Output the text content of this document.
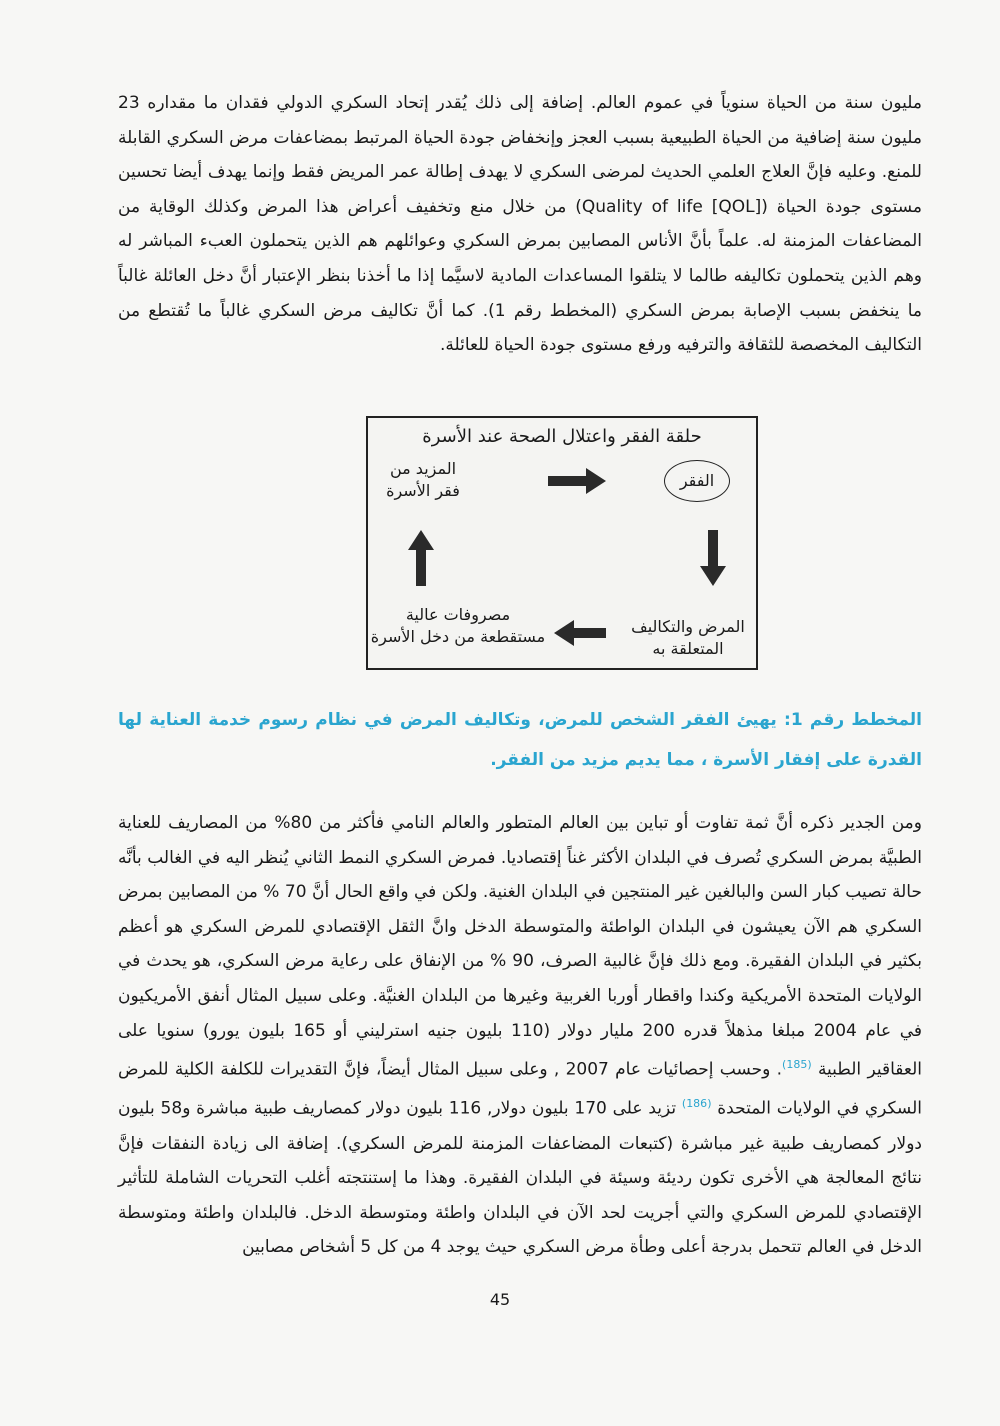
مليون سنة من الحياة سنوياً في عموم العالم. إضافة إلى ذلك يُقدر إتحاد السكري الدولي فقدان ما مقداره 23 مليون سنة إضافية من الحياة الطبيعية بسبب العجز وإنخفاض جودة الحياة المرتبط بمضاعفات مرض السكري القابلة للمنع. وعليه فإنَّ العلاج العلمي الحديث لمرضى السكري لا يهدف إطالة عمر المريض فقط وإنما يهدف أيضا تحسين مستوى جودة الحياة (Quality of life [QOL]) من خلال منع وتخفيف أعراض هذا المرض وكذلك الوقاية من المضاعفات المزمنة له. علماً بأنَّ الأناس المصابين بمرض السكري وعوائلهم هم الذين يتحملون العبء المباشر له وهم الذين يتحملون تكاليفه طالما لا يتلقوا المساعدات المادية لاسيَّما إذا ما أخذنا بنظر الإعتبار أنَّ دخل العائلة غالباً ما ينخفض بسبب الإصابة بمرض السكري (المخطط رقم 1). كما أنَّ تكاليف مرض السكري غالباً ما تُقتطع من التكاليف المخصصة للثقافة والترفيه ورفع مستوى جودة الحياة للعائلة.

حلقة الفقر واعتلال الصحة عند الأسرة
الفقر
المزيد من
فقر الأسرة
المرض والتكاليف
المتعلقة به
مصروفات عالية
مستقطعة من دخل الأسرة
المخطط رقم 1: يهيئ الفقر الشخص للمرض، وتكاليف المرض في نظام رسوم خدمة العناية لها القدرة على إفقار الأسرة ، مما يديم مزيد من الفقر.

ومن الجدير ذكره أنَّ ثمة تفاوت أو تباين بين العالم المتطور والعالم النامي فأكثر من 80% من المصاريف للعناية الطبيَّة بمرض السكري تُصرف في البلدان الأكثر غناً إقتصاديا. فمرض السكري النمط الثاني يُنظر اليه في الغالب بأنَّه حالة تصيب كبار السن والبالغين غير المنتجين في البلدان الغنية. ولكن في واقع الحال أنَّ 70 % من المصابين بمرض السكري هم الآن يعيشون في البلدان الواطئة والمتوسطة الدخل وانَّ الثقل الإقتصادي للمرض السكري هو أعظم بكثير في البلدان الفقيرة. ومع ذلك فإنَّ غالبية الصرف، 90 % من الإنفاق على رعاية مرض السكري، هو يحدث في الولايات المتحدة الأمريكية وكندا واقطار أوربا الغربية وغيرها من البلدان الغنيَّة. وعلى سبيل المثال أنفق الأمريكيون في عام 2004 مبلغا مذهلاً قدره 200 مليار دولار (110 بليون جنيه استرليني أو 165 بليون يورو) سنويا على العقاقير الطبية $^{(185)}$. وحسب إحصائيات عام 2007 , وعلى سبيل المثال أيضاً، فإنَّ التقديرات للكلفة الكلية للمرض السكري في الولايات المتحدة $^{(186)}$ تزيد على 170 بليون دولار, 116 بليون دولار كمصاريف طبية مباشرة و58 بليون دولار كمصاريف طبية غير مباشرة (كتبعات المضاعفات المزمنة للمرض السكري). إضافة الى زيادة النفقات فإنَّ نتائج المعالجة هي الأخرى تكون رديئة وسيئة في البلدان الفقيرة. وهذا ما إستنتجته أغلب التحريات الشاملة للتأثير الإقتصادي للمرض السكري والتي أجريت لحد الآن في البلدان واطئة ومتوسطة الدخل. فالبلدان واطئة ومتوسطة الدخل في العالم تتحمل بدرجة أعلى وطأة مرض السكري حيث يوجد 4 من كل 5 أشخاص مصابين

45
